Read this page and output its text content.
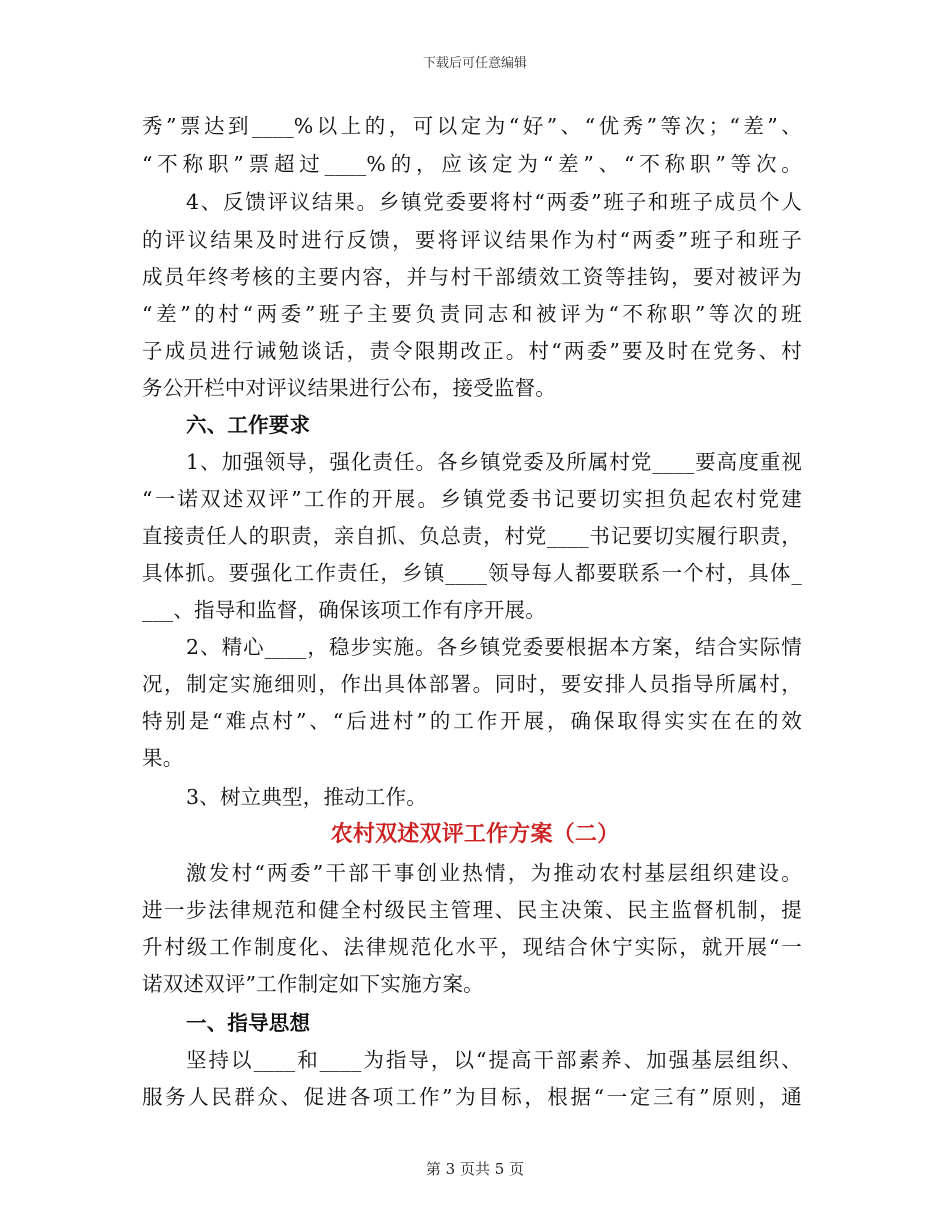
下载后可任意编辑
秀”票达到____%以上的，可以定为“好”、“优秀”等次；“差”、
“不称职”票超过____%的，应该定为“差”、“不称职”等次。
4、反馈评议结果。乡镇党委要将村“两委”班子和班子成员个人
的评议结果及时进行反馈，要将评议结果作为村“两委”班子和班子
成员年终考核的主要内容，并与村干部绩效工资等挂钩，要对被评为
“差”的村“两委”班子主要负责同志和被评为“不称职”等次的班
子成员进行诫勉谈话，责令限期改正。村“两委”要及时在党务、村
务公开栏中对评议结果进行公布，接受监督。
六、工作要求
1、加强领导，强化责任。各乡镇党委及所属村党____要高度重视
“一诺双述双评”工作的开展。乡镇党委书记要切实担负起农村党建
直接责任人的职责，亲自抓、负总责，村党____书记要切实履行职责，
具体抓。要强化工作责任，乡镇____领导每人都要联系一个村，具体_
___、指导和监督，确保该项工作有序开展。
2、精心____，稳步实施。各乡镇党委要根据本方案，结合实际情
况，制定实施细则，作出具体部署。同时，要安排人员指导所属村，
特别是“难点村”、“后进村”的工作开展，确保取得实实在在的效
果。
3、树立典型，推动工作。
农村双述双评工作方案（二）
激发村“两委”干部干事创业热情，为推动农村基层组织建设。
进一步法律规范和健全村级民主管理、民主决策、民主监督机制，提
升村级工作制度化、法律规范化水平，现结合休宁实际，就开展“一
诺双述双评”工作制定如下实施方案。
一、指导思想
坚持以____和____为指导，以“提高干部素养、加强基层组织、
服务人民群众、促进各项工作”为目标，根据“一定三有”原则，通
第 3 页共 5 页
